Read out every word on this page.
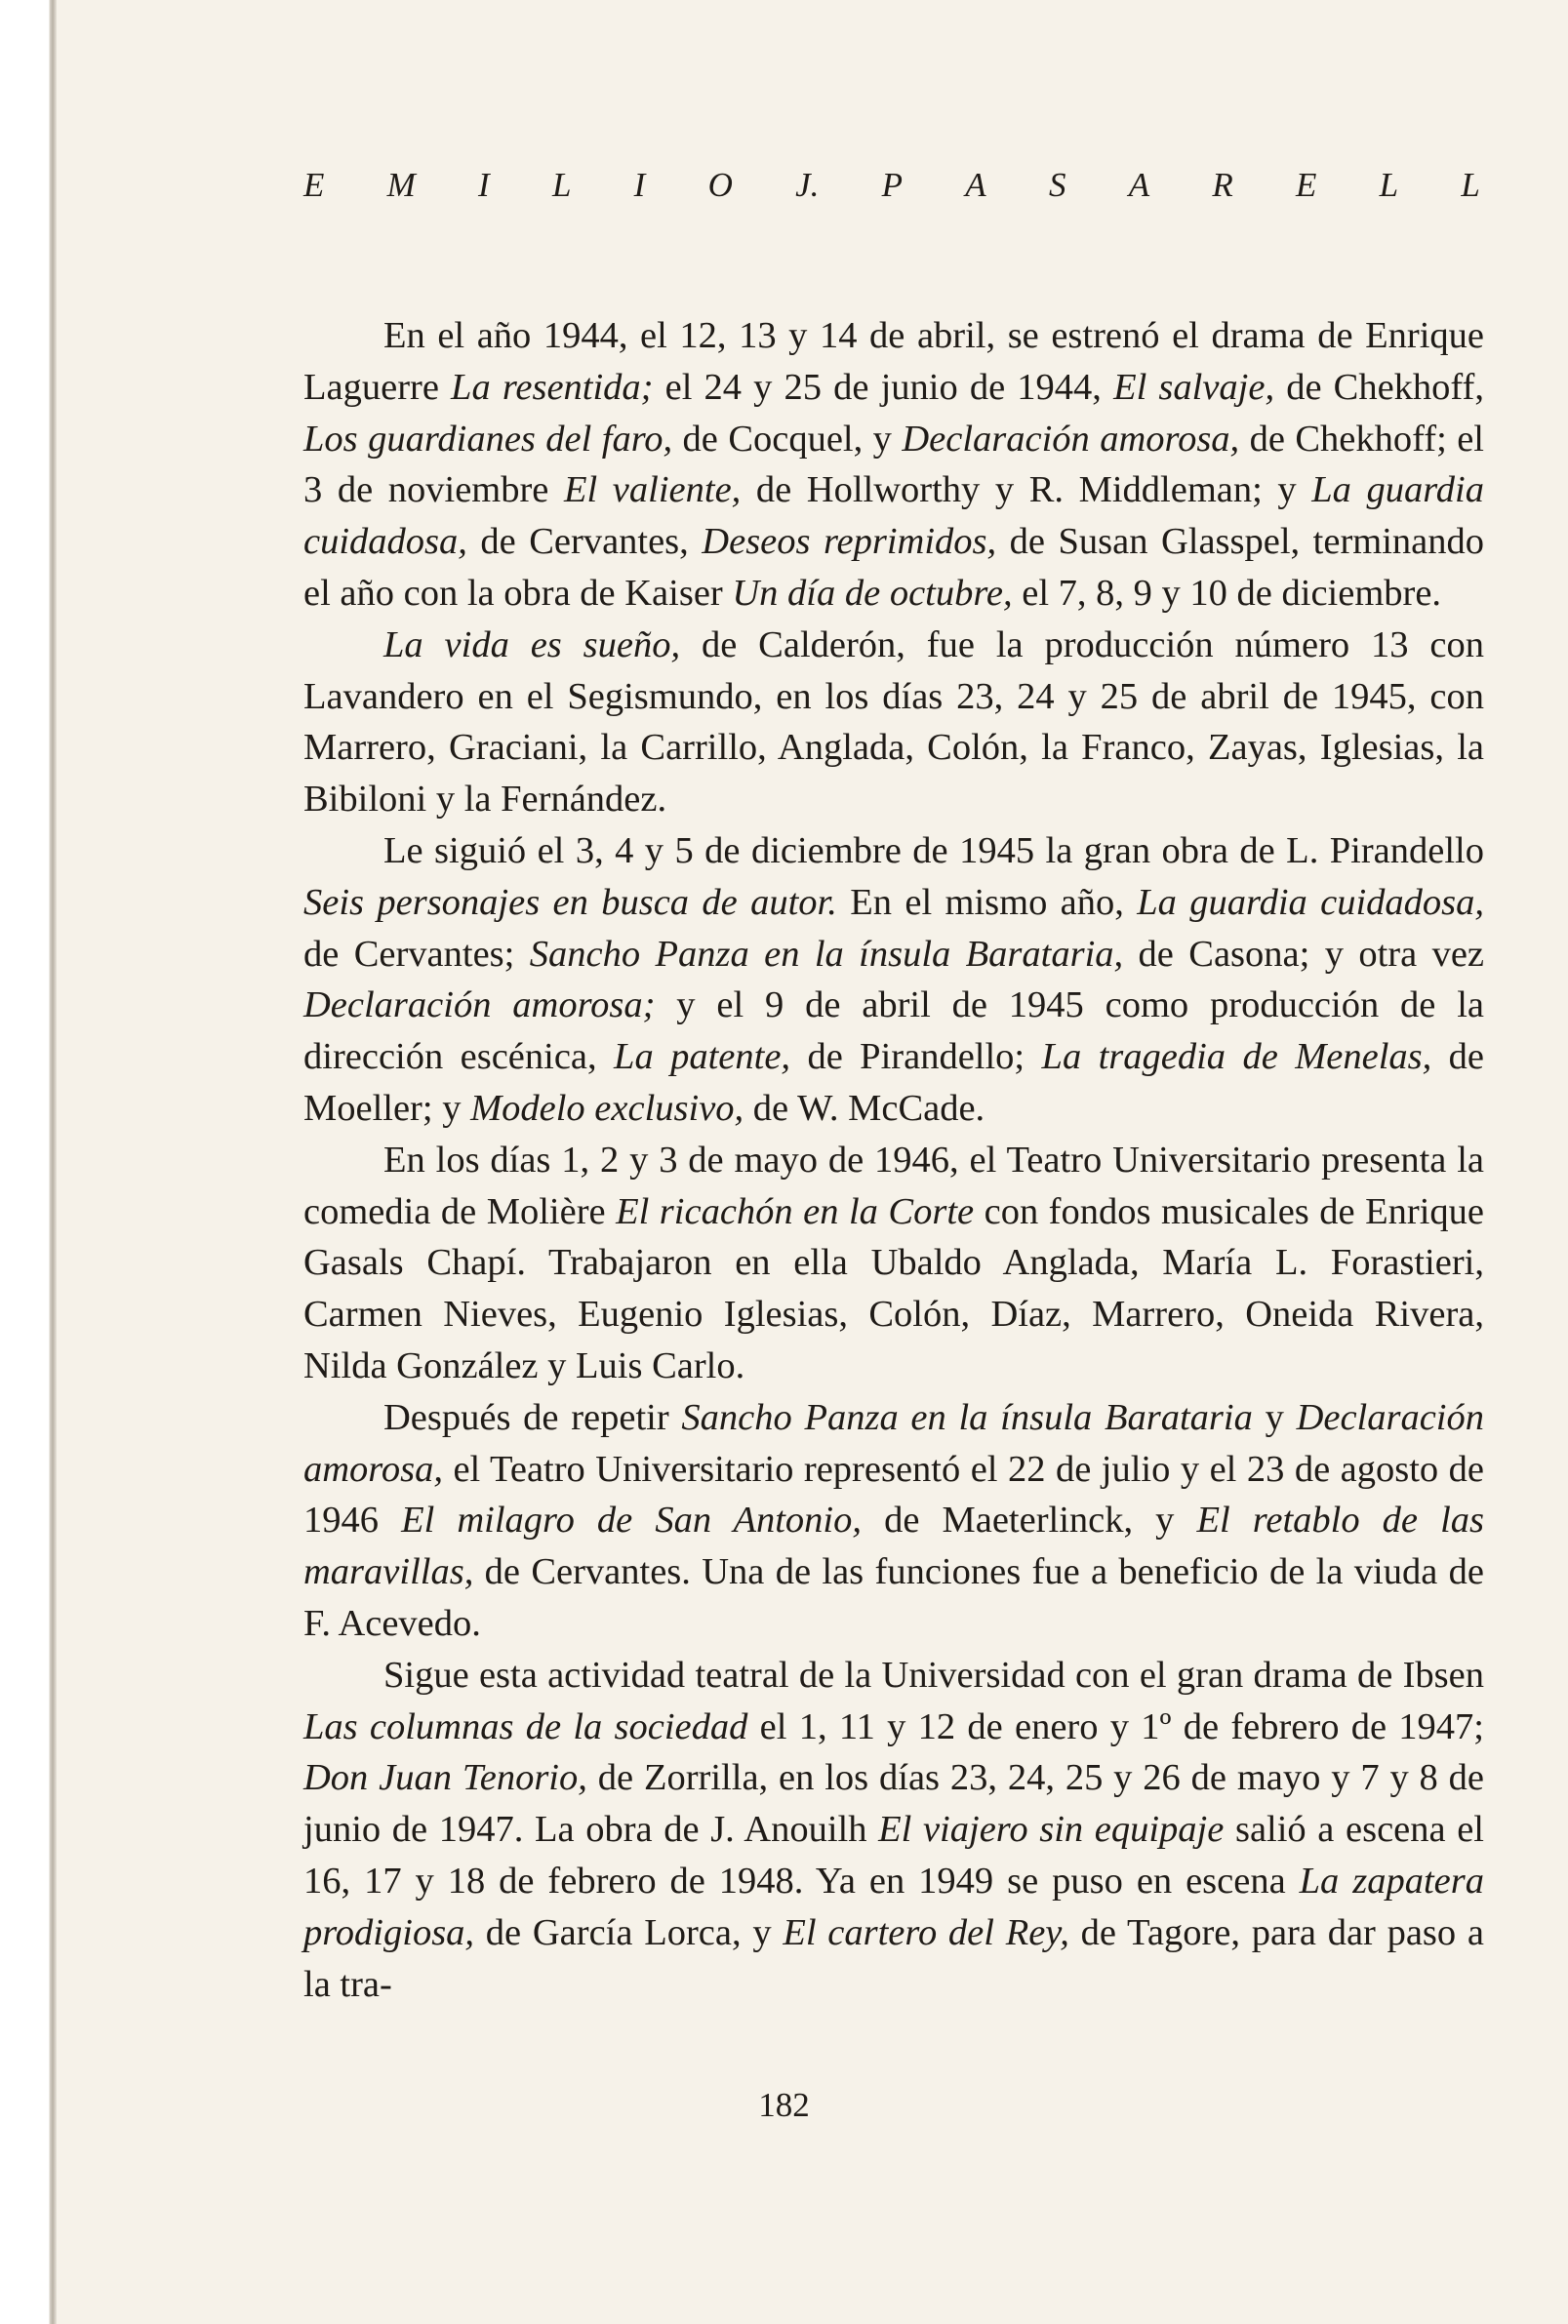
E M I L I O J. P A S A R E L L

En el año 1944, el 12, 13 y 14 de abril, se estrenó el drama de Enrique Laguerre La resentida; el 24 y 25 de junio de 1944, El salvaje, de Chekhoff, Los guardianes del faro, de Cocquel, y Declaración amorosa, de Chekhoff; el 3 de noviembre El valiente, de Hollworthy y R. Middleman; y La guardia cuidadosa, de Cervantes, Deseos reprimidos, de Susan Glasspel, terminando el año con la obra de Kaiser Un día de octubre, el 7, 8, 9 y 10 de diciembre.

La vida es sueño, de Calderón, fue la producción número 13 con Lavandero en el Segismundo, en los días 23, 24 y 25 de abril de 1945, con Marrero, Graciani, la Carrillo, Anglada, Colón, la Franco, Zayas, Iglesias, la Bibiloni y la Fernández.

Le siguió el 3, 4 y 5 de diciembre de 1945 la gran obra de L. Pirandello Seis personajes en busca de autor. En el mismo año, La guardia cuidadosa, de Cervantes; Sancho Panza en la ínsula Barataria, de Casona; y otra vez Declaración amorosa; y el 9 de abril de 1945 como producción de la dirección escénica, La patente, de Pirandello; La tragedia de Menelas, de Moeller; y Modelo exclusivo, de W. McCade.

En los días 1, 2 y 3 de mayo de 1946, el Teatro Universitario presenta la comedia de Molière El ricachón en la Corte con fondos musicales de Enrique Gasals Chapí. Trabajaron en ella Ubaldo Anglada, María L. Forastieri, Carmen Nieves, Eugenio Iglesias, Colón, Díaz, Marrero, Oneida Rivera, Nilda González y Luis Carlo.

Después de repetir Sancho Panza en la ínsula Barataria y Declaración amorosa, el Teatro Universitario representó el 22 de julio y el 23 de agosto de 1946 El milagro de San Antonio, de Maeterlinck, y El retablo de las maravillas, de Cervantes. Una de las funciones fue a beneficio de la viuda de F. Acevedo.

Sigue esta actividad teatral de la Universidad con el gran drama de Ibsen Las columnas de la sociedad el 1, 11 y 12 de enero y 1º de febrero de 1947; Don Juan Tenorio, de Zorrilla, en los días 23, 24, 25 y 26 de mayo y 7 y 8 de junio de 1947. La obra de J. Anouilh El viajero sin equipaje salió a escena el 16, 17 y 18 de febrero de 1948. Ya en 1949 se puso en escena La zapatera prodigiosa, de García Lorca, y El cartero del Rey, de Tagore, para dar paso a la tra-

182
